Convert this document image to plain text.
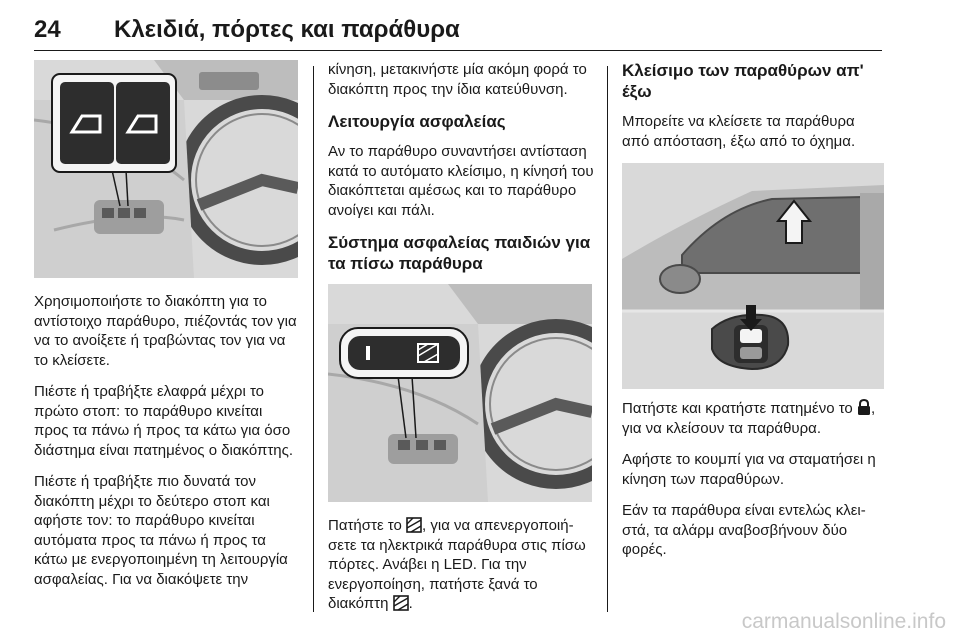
24 Κλειδιά, πόρτες και παράθυρα

Χρησιμοποιήστε το διακόπτη για το αντίστοιχο παράθυρο, πιέζοντάς τον για να το ανοίξετε ή τραβώντας τον για να το κλείσετε.

Πιέστε ή τραβήξτε ελαφρά μέχρι το πρώτο στοπ: το παράθυρο κινείται προς τα πάνω ή προς τα κάτω για όσο διάστημα είναι πατημένος ο διακόπτης.

Πιέστε ή τραβήξτε πιο δυνατά τον διακόπτη μέχρι το δεύτερο στοπ και αφήστε τον: το παράθυρο κινείται αυτόματα προς τα πάνω ή προς τα κάτω με ενεργοποιημένη τη λειτουργία ασφαλείας. Για να διακόψετε την

κίνηση, μετακινήστε μία ακόμη φορά το διακόπτη προς την ίδια κατεύθυνση.

Λειτουργία ασφαλείας

Αν το παράθυρο συναντήσει αντίσταση κατά το αυτόματο κλείσιμο, η κίνησή του διακόπτεται αμέσως και το παράθυρο ανοίγει και πάλι.

Σύστημα ασφαλείας παιδιών για τα πίσω παράθυρα

Πατήστε το , για να απενεργοποιήσετε τα ηλεκτρικά παράθυρα στις πίσω πόρτες. Ανάβει η LED. Για την ενεργοποίηση, πατήστε ξανά το διακόπτη .

Κλείσιμο των παραθύρων απ' έξω

Μπορείτε να κλείσετε τα παράθυρα από απόσταση, έξω από το όχημα.

Πατήστε και κρατήστε πατημένο το , για να κλείσουν τα παράθυρα.

Αφήστε το κουμπί για να σταματήσει η κίνηση των παραθύρων.

Εάν τα παράθυρα είναι εντελώς κλειστά, τα αλάρμ αναβοσβήνουν δύο φορές.

carmanualsonline.info
